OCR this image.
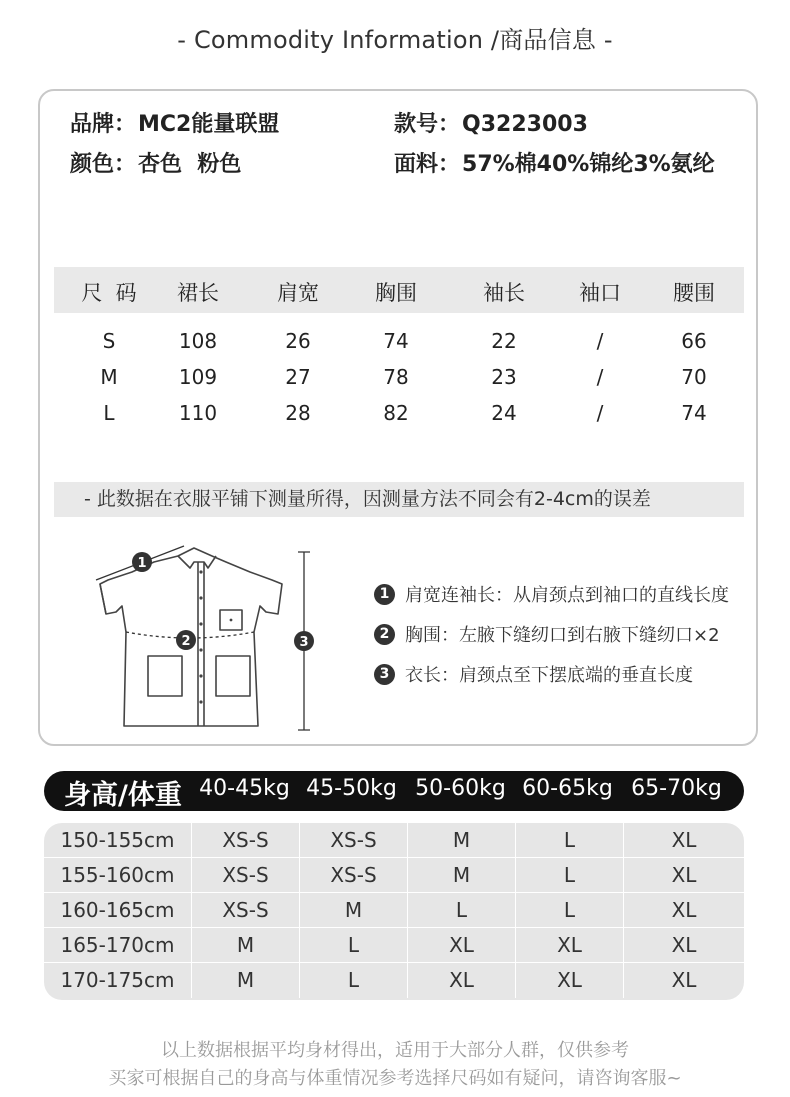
- Commodity Information /商品信息 -
品牌：MC2能量联盟	款号：Q3223003
颜色：杏色  粉色	面料：57%棉40%锦纶3%氨纶
尺  码	裙长	肩宽	胸围	袖长	袖口	腰围
S	108	26	74	22	/	66
M	109	27	78	23	/	70
L	110	28	82	24	/	74
- 此数据在衣服平铺下测量所得，因测量方法不同会有2-4cm的误差
1
2	3
1 肩宽连袖长：从肩颈点到袖口的直线长度
2 胸围：左腋下缝纫口到右腋下缝纫口×2
3 衣长：肩颈点至下摆底端的垂直长度
身高/体重 40-45kg 45-50kg 50-60kg 60-65kg 65-70kg
150-155cm	XS-S	XS-S	M	L	XL
155-160cm	XS-S	XS-S	M	L	XL
160-165cm	XS-S	M	L	L	XL
165-170cm	M	L	XL	XL	XL
170-175cm	M	L	XL	XL	XL
以上数据根据平均身材得出，适用于大部分人群，仅供参考
买家可根据自己的身高与体重情况参考选择尺码如有疑问，请咨询客服~
